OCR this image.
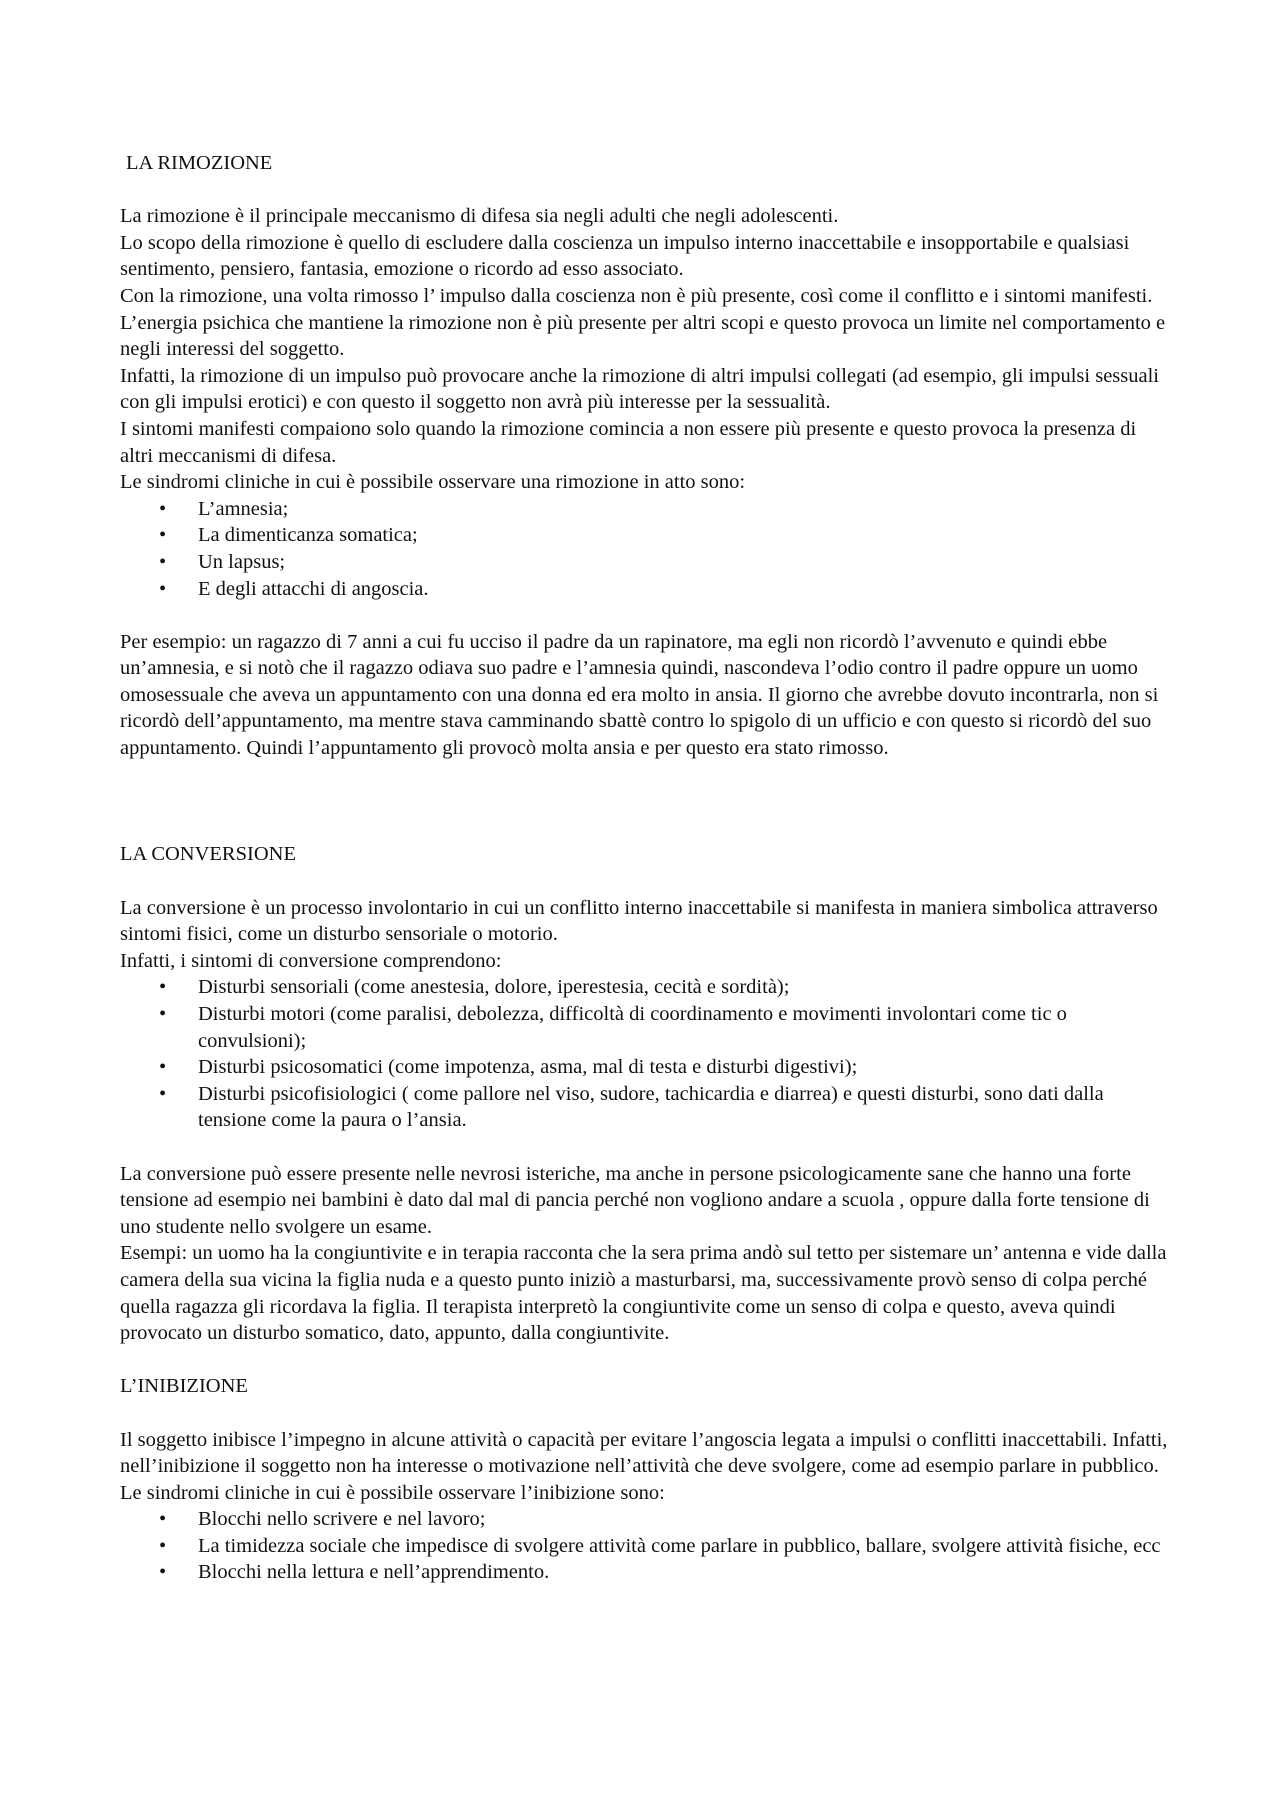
LA RIMOZIONE

La rimozione è il principale meccanismo di difesa sia negli adulti che negli adolescenti.

Lo scopo della rimozione è quello di escludere dalla coscienza un impulso interno inaccettabile e insopportabile e qualsiasi sentimento, pensiero, fantasia, emozione o ricordo ad esso associato.

Con la rimozione, una volta rimosso l’ impulso dalla coscienza non è più presente, così come il conflitto e i sintomi manifesti.

L’energia psichica che mantiene la rimozione non è più presente per altri scopi e questo provoca un limite nel comportamento e negli interessi del soggetto.

Infatti, la rimozione di un impulso può provocare anche la rimozione di altri impulsi collegati (ad esempio, gli impulsi sessuali con gli impulsi erotici) e con questo il soggetto non avrà più interesse per la sessualità.

I sintomi manifesti compaiono solo quando la rimozione comincia a non essere più presente e questo provoca la presenza di altri meccanismi di difesa.

Le sindromi cliniche in cui è possibile osservare una rimozione in atto sono:

• L’amnesia;
• La dimenticanza somatica;
• Un lapsus;
• E degli attacchi di angoscia.

Per esempio: un ragazzo di 7 anni a cui fu ucciso il padre da un rapinatore, ma egli non ricordò l’avvenuto e quindi ebbe un’amnesia, e si notò che il ragazzo odiava suo padre e l’amnesia quindi, nascondeva l’odio contro il padre oppure un uomo omosessuale che aveva un appuntamento con una donna ed era molto in ansia. Il giorno che avrebbe dovuto incontrarla, non si ricordò dell’appuntamento, ma mentre stava camminando sbattè contro lo spigolo di un ufficio e con questo si ricordò del suo appuntamento. Quindi l’appuntamento gli provocò molta ansia e per questo era stato rimosso.

LA CONVERSIONE

La conversione è un processo involontario in cui un conflitto interno inaccettabile si manifesta in maniera simbolica attraverso sintomi fisici, come un disturbo sensoriale o motorio.

Infatti, i sintomi di conversione comprendono:

• Disturbi sensoriali (come anestesia, dolore, iperestesia, cecità e sordità);
• Disturbi motori (come paralisi, debolezza, difficoltà di coordinamento e movimenti involontari come tic o convulsioni);
• Disturbi psicosomatici (come impotenza, asma, mal di testa e disturbi digestivi);
• Disturbi psicofisiologici ( come pallore nel viso, sudore, tachicardia e diarrea) e questi disturbi, sono dati dalla tensione come la paura o l’ansia.

La conversione può essere presente nelle nevrosi isteriche, ma anche in persone psicologicamente sane che hanno una forte tensione ad esempio nei bambini è dato dal mal di pancia perché non vogliono andare a scuola , oppure dalla forte tensione di uno studente nello svolgere un esame.

Esempi: un uomo ha la congiuntivite e in terapia racconta che la sera prima andò sul tetto per sistemare un’ antenna e vide dalla camera della sua vicina la figlia nuda e a questo punto iniziò a masturbarsi, ma, successivamente provò senso di colpa perché quella ragazza gli ricordava la figlia. Il terapista interpretò la congiuntivite come un senso di colpa e questo, aveva quindi provocato un disturbo somatico, dato, appunto, dalla congiuntivite.

L’INIBIZIONE

Il soggetto inibisce l’impegno in alcune attività o capacità per evitare l’angoscia legata a impulsi o conflitti inaccettabili. Infatti, nell’inibizione il soggetto non ha interesse o motivazione nell’attività che deve svolgere, come ad esempio parlare in pubblico.

Le sindromi cliniche in cui è possibile osservare l’inibizione sono:

• Blocchi nello scrivere e nel lavoro;
• La timidezza sociale che impedisce di svolgere attività come parlare in pubblico, ballare, svolgere attività fisiche, ecc
• Blocchi nella lettura e nell’apprendimento.
